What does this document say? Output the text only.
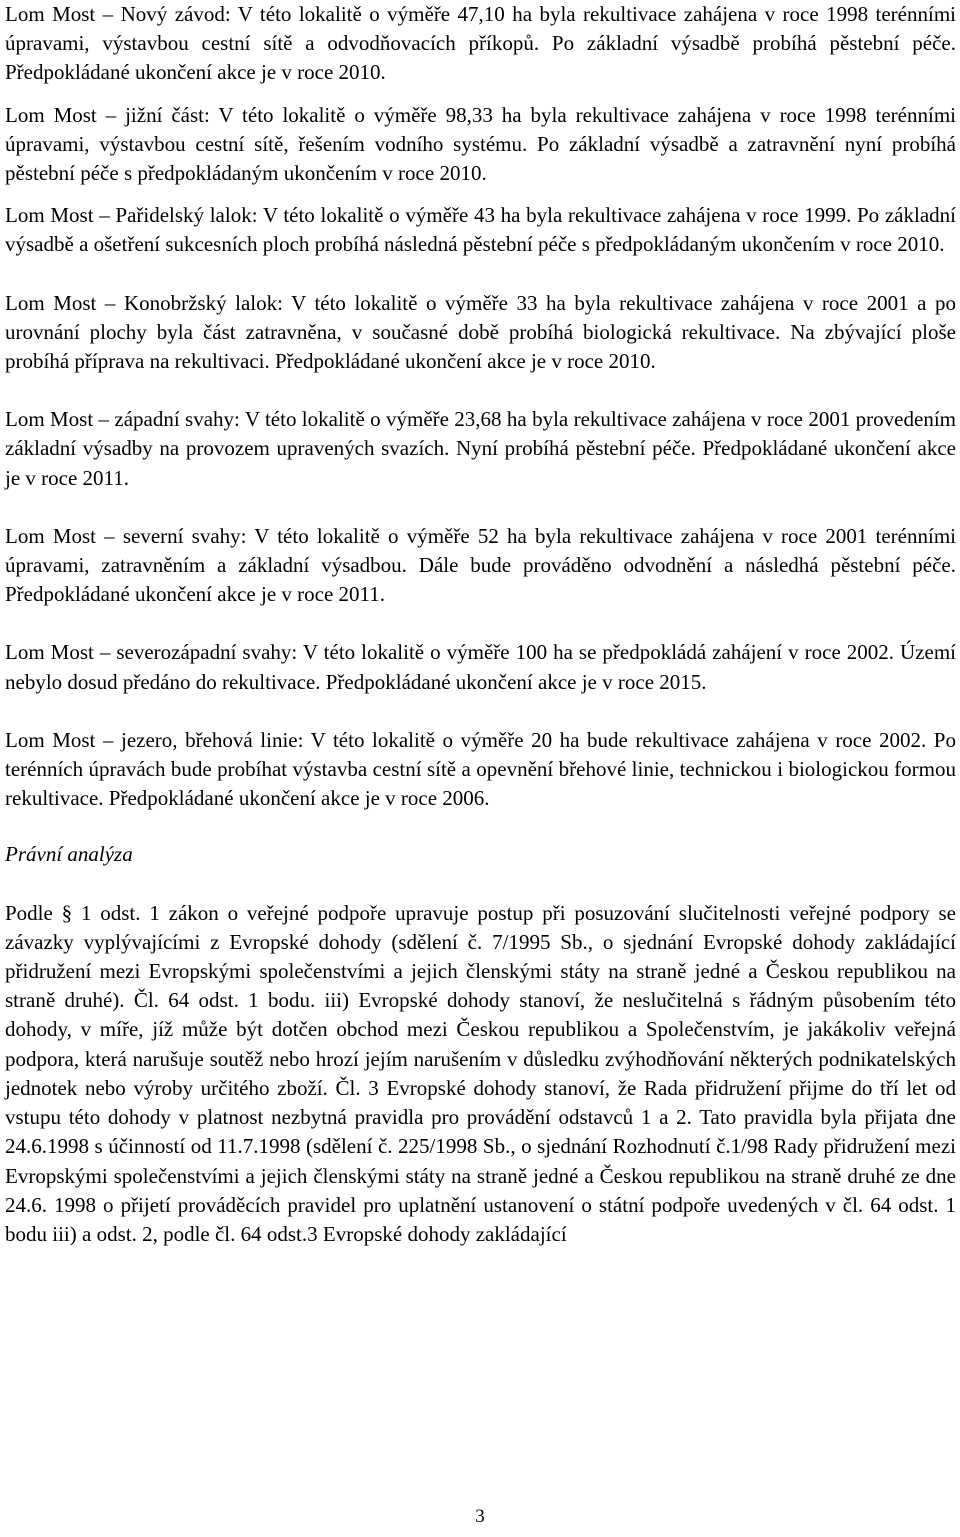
Lom Most – Nový závod: V této lokalitě o výměře 47,10 ha byla rekultivace zahájena v roce 1998 terénními úpravami, výstavbou cestní sítě a odvodňovacích příkopů. Po základní výsadbě probíhá pěstební péče. Předpokládané ukončení akce je v roce 2010.

Lom Most – jižní část: V této lokalitě o výměře 98,33 ha byla rekultivace zahájena v roce 1998 terénními úpravami, výstavbou cestní sítě, řešením vodního systému. Po základní výsadbě a zatravnění nyní probíhá pěstební péče s předpokládaným ukončením v roce 2010.

Lom Most – Pařidelský lalok: V této lokalitě o výměře 43 ha byla rekultivace zahájena v roce 1999. Po základní výsadbě a ošetření sukcesních ploch probíhá následná pěstební péče s předpokládaným ukončením v roce 2010.

Lom Most – Konobržský lalok: V této lokalitě o výměře 33 ha byla rekultivace zahájena v roce 2001 a po urovnání plochy byla část zatravněna, v současné době probíhá biologická rekultivace. Na zbývající ploše probíhá příprava na rekultivaci. Předpokládané ukončení akce je v roce 2010.

Lom Most – západní svahy: V této lokalitě o výměře 23,68 ha byla rekultivace zahájena v roce 2001 provedením základní výsadby na provozem upravených svazích. Nyní probíhá pěstební péče. Předpokládané ukončení akce je v roce 2011.

Lom Most – severní svahy: V této lokalitě o výměře 52 ha byla rekultivace zahájena v roce 2001 terénními úpravami, zatravněním a základní výsadbou. Dále bude prováděno odvodnění a následhá pěstební péče. Předpokládané ukončení akce je v roce 2011.

Lom Most – severozápadní svahy: V této lokalitě o výměře 100 ha se předpokládá zahájení v roce 2002. Území nebylo dosud předáno do rekultivace. Předpokládané ukončení akce je v roce 2015.

Lom Most – jezero, břehová linie: V této lokalitě o výměře 20 ha bude rekultivace zahájena v roce 2002. Po terénních úpravách bude probíhat výstavba cestní sítě a opevnění břehové linie, technickou i biologickou formou rekultivace. Předpokládané ukončení akce je v roce 2006.

Právní analýza

Podle § 1 odst. 1 zákon o veřejné podpoře upravuje postup při posuzování slučitelnosti veřejné podpory se závazky vyplývajícími z Evropské dohody (sdělení č. 7/1995 Sb., o sjednání Evropské dohody zakládající přidružení mezi Evropskými společenstvími a jejich členskými státy na straně jedné a Českou republikou na straně druhé). Čl. 64 odst. 1 bodu. iii) Evropské dohody stanoví, že neslučitelná s řádným působením této dohody, v míře, jíž může být dotčen obchod mezi Českou republikou a Společenstvím, je jakákoliv veřejná podpora, která narušuje soutěž nebo hrozí jejím narušením v důsledku zvýhodňování některých podnikatelských jednotek nebo výroby určitého zboží. Čl. 3 Evropské dohody stanoví, že Rada přidružení přijme do tří let od vstupu této dohody v platnost nezbytná pravidla pro provádění odstavců 1 a 2. Tato pravidla byla přijata dne 24.6.1998 s účinností od 11.7.1998 (sdělení č. 225/1998 Sb., o sjednání Rozhodnutí č.1/98 Rady přidružení mezi Evropskými společenstvími a jejich členskými státy na straně jedné a Českou republikou na straně druhé ze dne 24.6. 1998 o přijetí prováděcích pravidel pro uplatnění ustanovení o státní podpoře uvedených v čl. 64 odst. 1 bodu iii) a odst. 2, podle čl. 64 odst.3 Evropské dohody zakládající

3
